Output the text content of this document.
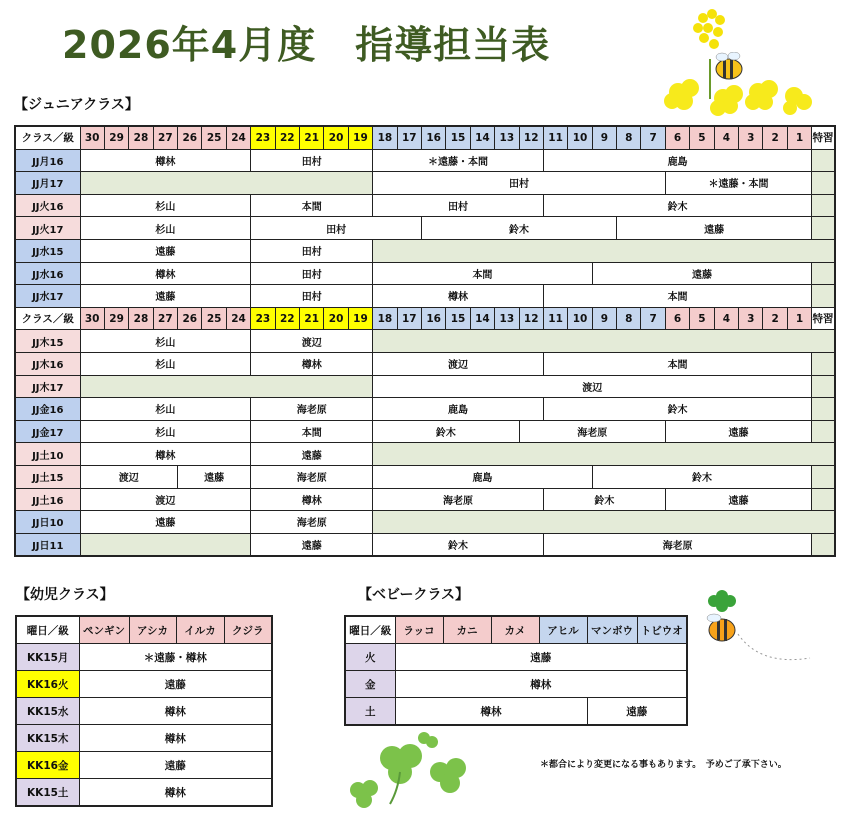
2026年4月度　指導担当表
【ジュニアクラス】
クラス／級	30	29	28	27	26	25	24	23	22	21	20	19	18	17	16	15	14	13	12	11	10	9	8	7	6	5	4	3	2	1	特習
JJ月16	樽林							田村					＊遠藤・本間							鹿島											
JJ月17													田村												＊遠藤・本間						
JJ火16	杉山							本間					田村							鈴木											
JJ火17	杉山							田村							鈴木								遠藤								
JJ水15	遠藤							田村																							
JJ水16	樽林							田村					本間									遠藤									
JJ水17	遠藤							田村					樽林							本間											
クラス／級	30	29	28	27	26	25	24	23	22	21	20	19	18	17	16	15	14	13	12	11	10	9	8	7	6	5	4	3	2	1	特習
JJ木15	杉山							渡辺																							
JJ木16	杉山							樽林					渡辺							本間											
JJ木17													渡辺																		
JJ金16	杉山							海老原					鹿島							鈴木											
JJ金17	杉山							本間					鈴木						海老原						遠藤						
JJ土10	樽林							遠藤																							
JJ土15	渡辺				遠藤			海老原					鹿島									鈴木									
JJ土16	渡辺							樽林					海老原							鈴木					遠藤						
JJ日10	遠藤							海老原																							
JJ日11								遠藤					鈴木							海老原											
【幼児クラス】
曜日／級	ペンギン	アシカ	イルカ	クジラ
KK15月	＊遠藤・樽林			
KK16火	遠藤			
KK15水	樽林			
KK15木	樽林			
KK16金	遠藤			
KK15土	樽林			
【ベビークラス】
曜日／級	ラッコ	カニ	カメ	アヒル	マンボウ	トビウオ
火	遠藤					
金	樽林					
土	樽林				遠藤	
＊都合により変更になる事もあります。　予めご了承下さい。
